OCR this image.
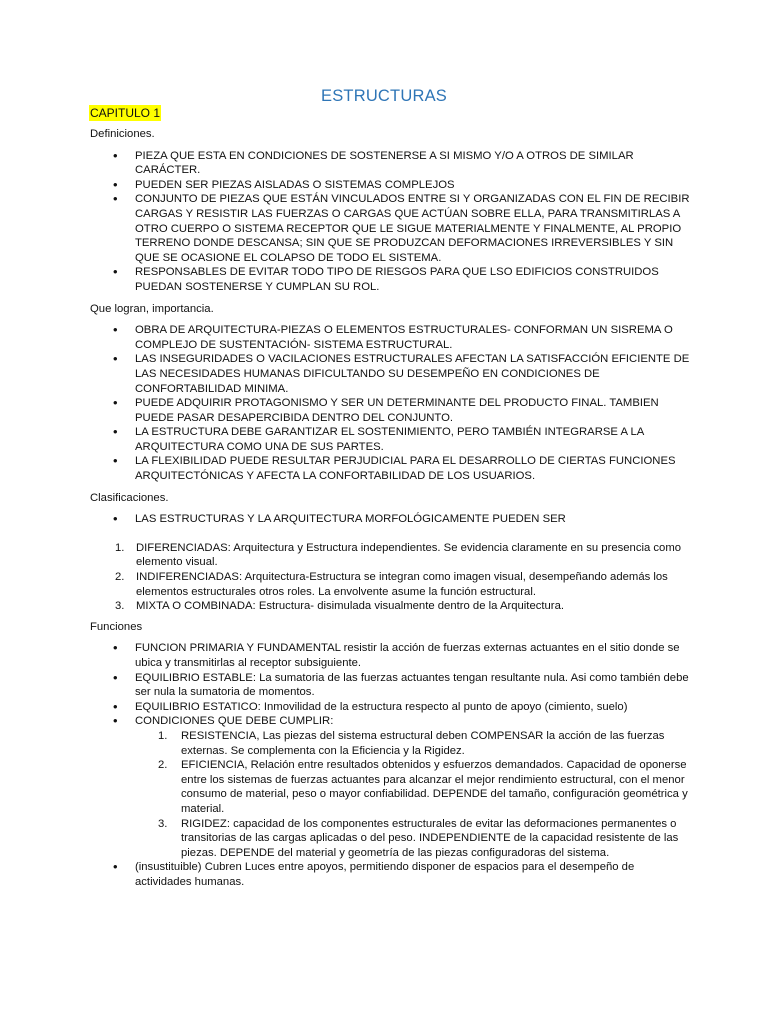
ESTRUCTURAS
CAPITULO 1
Definiciones.
• PIEZA QUE ESTA EN CONDICIONES DE SOSTENERSE A SI MISMO Y/O A OTROS DE SIMILAR CARÁCTER.
• PUEDEN SER PIEZAS AISLADAS O SISTEMAS COMPLEJOS
• CONJUNTO DE PIEZAS QUE ESTÁN VINCULADOS ENTRE SI Y ORGANIZADAS CON EL FIN DE RECIBIR CARGAS Y RESISTIR LAS FUERZAS O CARGAS QUE ACTÚAN SOBRE ELLA, PARA TRANSMITIRLAS A OTRO CUERPO O SISTEMA RECEPTOR QUE LE SIGUE MATERIALMENTE Y FINALMENTE, AL PROPIO TERRENO DONDE DESCANSA; SIN QUE SE PRODUZCAN DEFORMACIONES IRREVERSIBLES Y SIN QUE SE OCASIONE EL COLAPSO DE TODO EL SISTEMA.
• RESPONSABLES DE EVITAR TODO TIPO DE RIESGOS PARA QUE LSO EDIFICIOS CONSTRUIDOS PUEDAN SOSTENERSE Y CUMPLAN SU ROL.
Que logran, importancia.
• OBRA DE ARQUITECTURA-PIEZAS O ELEMENTOS ESTRUCTURALES- CONFORMAN UN SISREMA O COMPLEJO DE SUSTENTACIÓN- SISTEMA ESTRUCTURAL.
• LAS INSEGURIDADES O VACILACIONES ESTRUCTURALES AFECTAN LA SATISFACCIÓN EFICIENTE DE LAS NECESIDADES HUMANAS DIFICULTANDO SU DESEMPEÑO EN CONDICIONES DE CONFORTABILIDAD MINIMA.
• PUEDE ADQUIRIR PROTAGONISMO Y SER UN DETERMINANTE DEL PRODUCTO FINAL. TAMBIEN PUEDE PASAR DESAPERCIBIDA DENTRO DEL CONJUNTO.
• LA ESTRUCTURA DEBE GARANTIZAR EL SOSTENIMIENTO, PERO TAMBIÉN INTEGRARSE A LA ARQUITECTURA COMO UNA DE SUS PARTES.
• LA FLEXIBILIDAD PUEDE RESULTAR PERJUDICIAL PARA EL DESARROLLO DE CIERTAS FUNCIONES ARQUITECTÓNICAS Y AFECTA LA CONFORTABILIDAD DE LOS USUARIOS.
Clasificaciones.
• LAS ESTRUCTURAS Y LA ARQUITECTURA MORFOLÓGICAMENTE PUEDEN SER
1. DIFERENCIADAS: Arquitectura y Estructura independientes. Se evidencia claramente en su presencia como elemento visual.
2. INDIFERENCIADAS: Arquitectura-Estructura se integran como imagen visual, desempeñando además los elementos estructurales otros roles. La envolvente asume la función estructural.
3. MIXTA O COMBINADA: Estructura- disimulada visualmente dentro de la Arquitectura.
Funciones
• FUNCION PRIMARIA Y FUNDAMENTAL resistir la acción de fuerzas externas actuantes en el sitio donde se ubica y transmitirlas al receptor subsiguiente.
• EQUILIBRIO ESTABLE: La sumatoria de las fuerzas actuantes tengan resultante nula. Asi como también debe ser nula la sumatoria de momentos.
• EQUILIBRIO ESTATICO: Inmovilidad de la estructura respecto al punto de apoyo (cimiento, suelo)
• CONDICIONES QUE DEBE CUMPLIR:
1. RESISTENCIA, Las piezas del sistema estructural deben COMPENSAR la acción de las fuerzas externas. Se complementa con la Eficiencia y la Rigidez.
2. EFICIENCIA, Relación entre resultados obtenidos y esfuerzos demandados. Capacidad de oponerse entre los sistemas de fuerzas actuantes para alcanzar el mejor rendimiento estructural, con el menor consumo de material, peso o mayor confiabilidad. DEPENDE del tamaño, configuración geométrica y material.
3. RIGIDEZ: capacidad de los componentes estructurales de evitar las deformaciones permanentes o transitorias de las cargas aplicadas o del peso. INDEPENDIENTE de la capacidad resistente de las piezas. DEPENDE del material y geometría de las piezas configuradoras del sistema.
• (insustituible) Cubren Luces entre apoyos, permitiendo disponer de espacios para el desempeño de actividades humanas.
